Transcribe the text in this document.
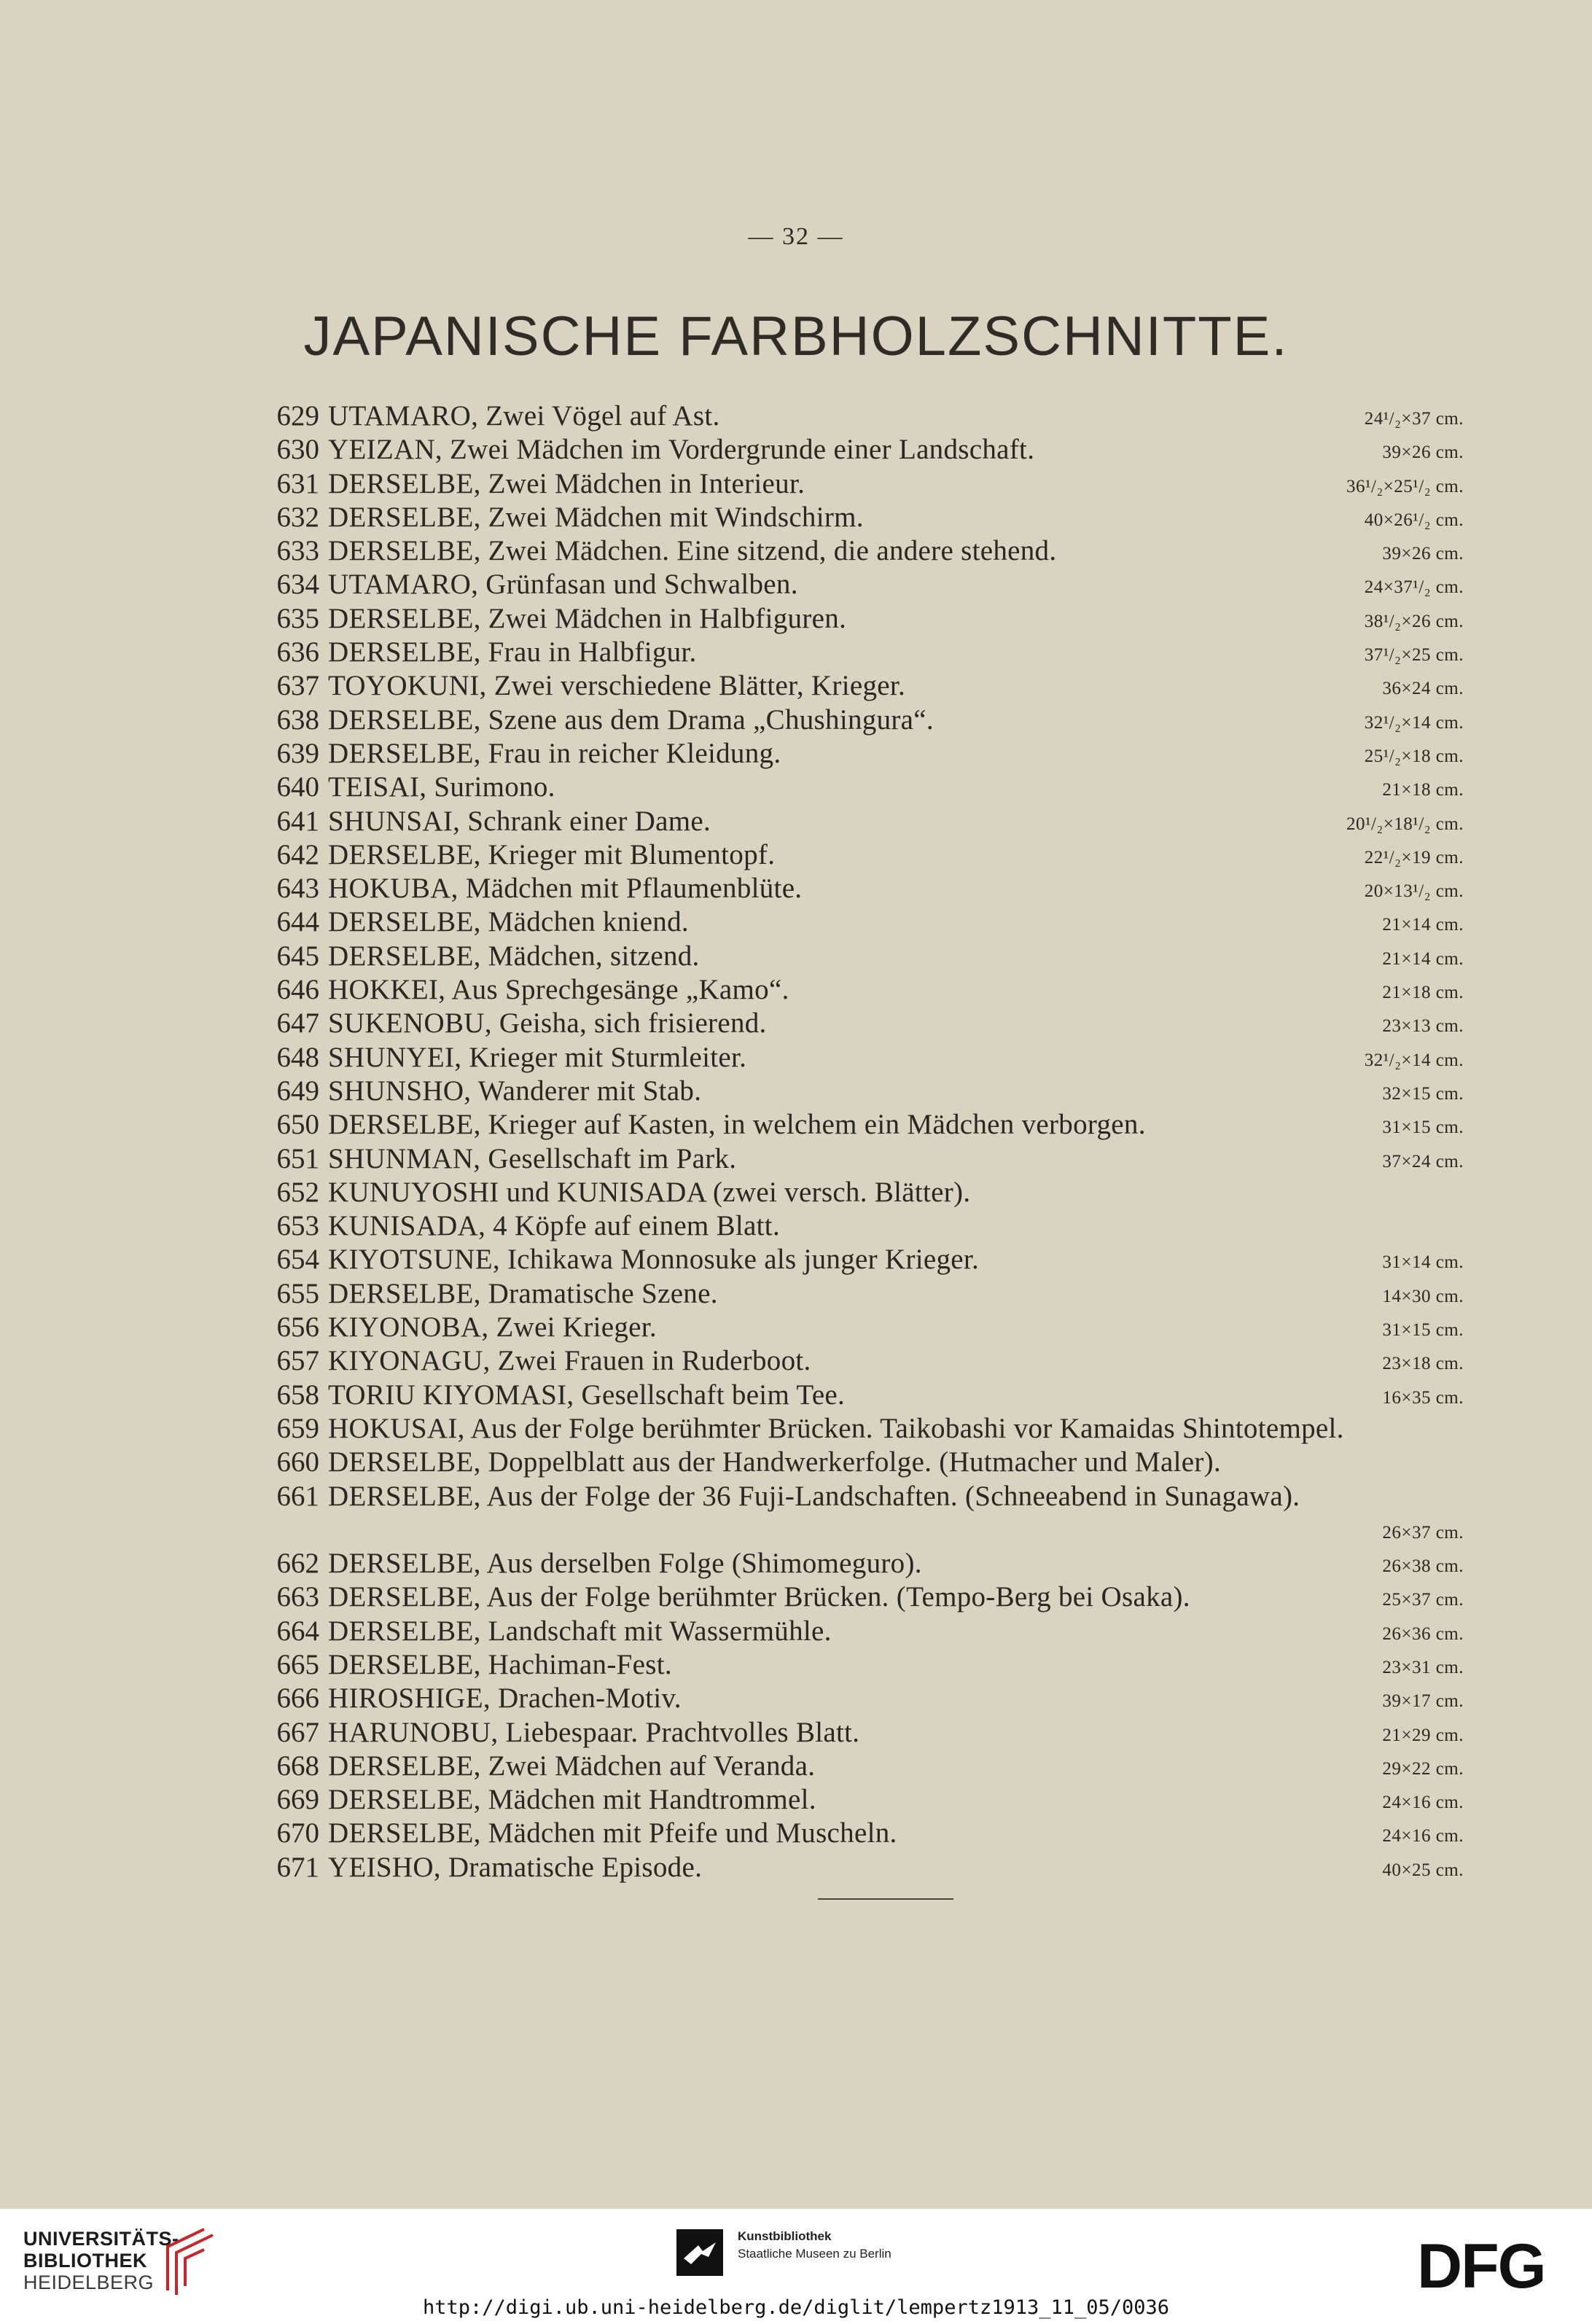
— 32 —
JAPANISCHE FARBHOLZSCHNITTE.
629 UTAMARO, Zwei Vögel auf Ast.	24¹/₂×37 cm.
630 YEIZAN, Zwei Mädchen im Vordergrunde einer Landschaft.	39×26 cm.
631 DERSELBE, Zwei Mädchen in Interieur.	36¹/₂×25¹/₂ cm.
632 DERSELBE, Zwei Mädchen mit Windschirm.	40×26¹/₂ cm.
633 DERSELBE, Zwei Mädchen. Eine sitzend, die andere stehend.	39×26 cm.
634 UTAMARO, Grünfasan und Schwalben.	24×37¹/₂ cm.
635 DERSELBE, Zwei Mädchen in Halbfiguren.	38¹/₂×26 cm.
636 DERSELBE, Frau in Halbfigur.	37¹/₂×25 cm.
637 TOYOKUNI, Zwei verschiedene Blätter, Krieger.	36×24 cm.
638 DERSELBE, Szene aus dem Drama „Chushingura“.	32¹/₂×14 cm.
639 DERSELBE, Frau in reicher Kleidung.	25¹/₂×18 cm.
640 TEISAI, Surimono.	21×18 cm.
641 SHUNSAI, Schrank einer Dame.	20¹/₂×18¹/₂ cm.
642 DERSELBE, Krieger mit Blumentopf.	22¹/₂×19 cm.
643 HOKUBA, Mädchen mit Pflaumenblüte.	20×13¹/₂ cm.
644 DERSELBE, Mädchen kniend.	21×14 cm.
645 DERSELBE, Mädchen, sitzend.	21×14 cm.
646 HOKKEI, Aus Sprechgesänge „Kamo“.	21×18 cm.
647 SUKENOBU, Geisha, sich frisierend.	23×13 cm.
648 SHUNYEI, Krieger mit Sturmleiter.	32¹/₂×14 cm.
649 SHUNSHO, Wanderer mit Stab.	32×15 cm.
650 DERSELBE, Krieger auf Kasten, in welchem ein Mädchen verborgen.	31×15 cm.
651 SHUNMAN, Gesellschaft im Park.	37×24 cm.
652 KUNUYOSHI und KUNISADA (zwei versch. Blätter).
653 KUNISADA, 4 Köpfe auf einem Blatt.
654 KIYOTSUNE, Ichikawa Monnosuke als junger Krieger.	31×14 cm.
655 DERSELBE, Dramatische Szene.	14×30 cm.
656 KIYONOBA, Zwei Krieger.	31×15 cm.
657 KIYONAGU, Zwei Frauen in Ruderboot.	23×18 cm.
658 TORIU KIYOMASI, Gesellschaft beim Tee.	16×35 cm.
659 HOKUSAI, Aus der Folge berühmter Brücken. Taikobashi vor Kamaidas Shintotempel.
660 DERSELBE, Doppelblatt aus der Handwerkerfolge. (Hutmacher und Maler).
661 DERSELBE, Aus der Folge der 36 Fuji-Landschaften. (Schneeabend in Sunagawa).
26×37 cm.
662 DERSELBE, Aus derselben Folge (Shimomeguro).	26×38 cm.
663 DERSELBE, Aus der Folge berühmter Brücken. (Tempo-Berg bei Osaka).	25×37 cm.
664 DERSELBE, Landschaft mit Wassermühle.	26×36 cm.
665 DERSELBE, Hachiman-Fest.	23×31 cm.
666 HIROSHIGE, Drachen-Motiv.	39×17 cm.
667 HARUNOBU, Liebespaar. Prachtvolles Blatt.	21×29 cm.
668 DERSELBE, Zwei Mädchen auf Veranda.	29×22 cm.
669 DERSELBE, Mädchen mit Handtrommel.	24×16 cm.
670 DERSELBE, Mädchen mit Pfeife und Muscheln.	24×16 cm.
671 YEISHO, Dramatische Episode.	40×25 cm.
UNIVERSITÄTS-
BIBLIOTHEK
HEIDELBERG
Kunstbibliothek
Staatliche Museen zu Berlin	DFG
http://digi.ub.uni-heidelberg.de/diglit/lempertz1913_11_05/0036
